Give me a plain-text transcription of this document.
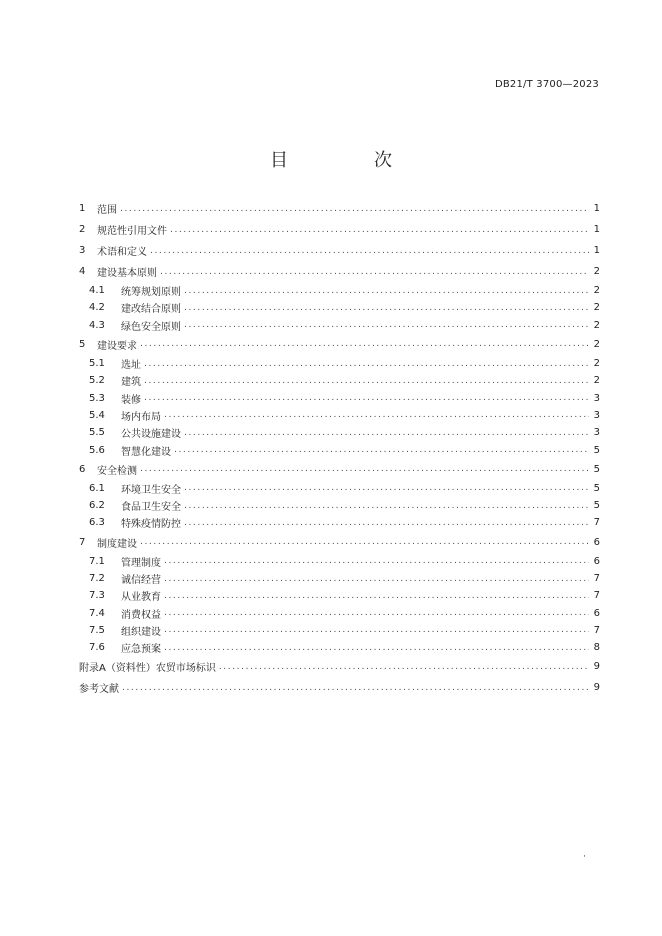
DB21/T 3700—2023
目　次
1 范围 .....	1
2 规范性引用文件 .....	1
3 术语和定义 .....	1
4 建设基本原则 .....	2
4.1	统筹规划原则 .....	2
4.2	建改结合原则 .....	2
4.3	绿色安全原则 .....	2
5 建设要求 .....	2
5.1	选址 .....	2
5.2	建筑 .....	2
5.3	装修 .....	3
5.4	场内布局 .....	3
5.5	公共设施建设 .....	3
5.6	智慧化建设 .....	5
6 安全检测 .....	5
6.1	环境卫生安全 .....	5
6.2	食品卫生安全 .....	5
6.3	特殊疫情防控 .....	7
7 制度建设 .....	6
7.1	管理制度 .....	6
7.2	诚信经营 .....	7
7.3	从业教育 .....	7
7.4	消费权益 .....	6
7.5	组织建设 .....	7
7.6	应急预案 .....	8
附录A（资料性）农贸市场标识 .....	9
参考文献 .....	9
·
